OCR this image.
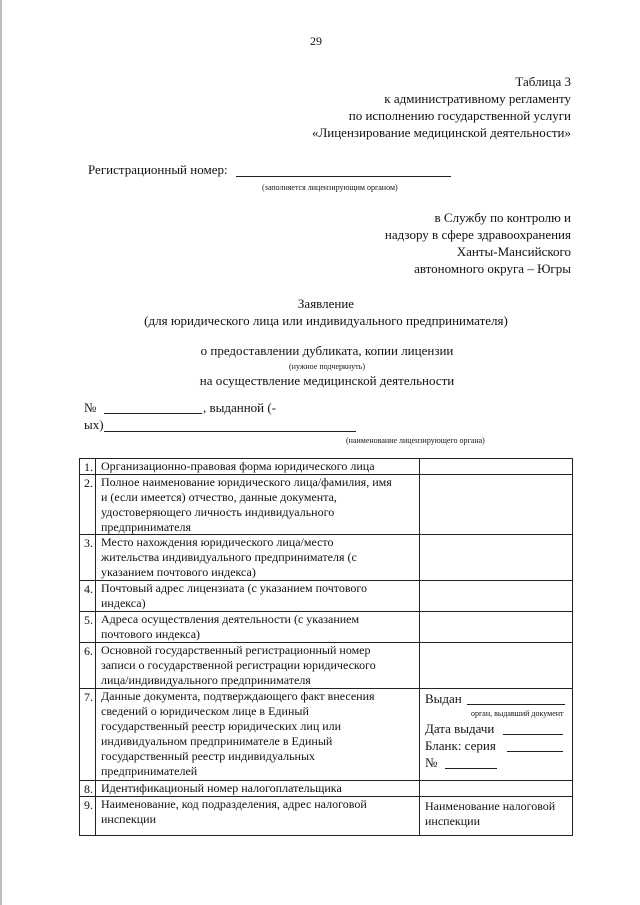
29
Таблица 3
к административному регламенту
по исполнению государственной услуги
«Лицензирование медицинской деятельности»
Регистрационный номер:
(заполняется лицензирующим органом)
в Службу по контролю и
надзору в сфере здравоохранения
Ханты-Мансийского
автономного округа – Югры
Заявление
(для юридического лица или индивидуального предпринимателя)
о предоставлении дубликата, копии лицензии
(нужное подчеркнуть)
на осуществление медицинской деятельности
№	, выданной (-
ых)
(наименование лицензирующего органа)
1. Организационно-правовая форма юридического лица
2. Полное наименование юридического лица/фамилия, имя
и (если имеется) отчество, данные документа,
удостоверяющего личность индивидуального
предпринимателя
3. Место нахождения юридического лица/место
жительства индивидуального предпринимателя (с
указанием почтового индекса)
4. Почтовый адрес лицензиата (с указанием почтового
индекса)
5. Адреса осуществления деятельности (с указанием
почтового индекса)
6. Основной государственный регистрационный номер
записи о государственной регистрации юридического
лица/индивидуального предпринимателя
7. Данные документа, подтверждающего факт внесения
сведений о юридическом лице в Единый
государственный реестр юридических лиц или
индивидуальном предпринимателе в Единый
государственный реестр индивидуальных
предпринимателей
Выдан
орган, выдавший документ
Дата выдачи
Бланк: серия
№
8. Идентификационый номер налогоплательщика
9. Наименование, код подразделения, адрес налоговой
инспекции
Наименование налоговой
инспекции
